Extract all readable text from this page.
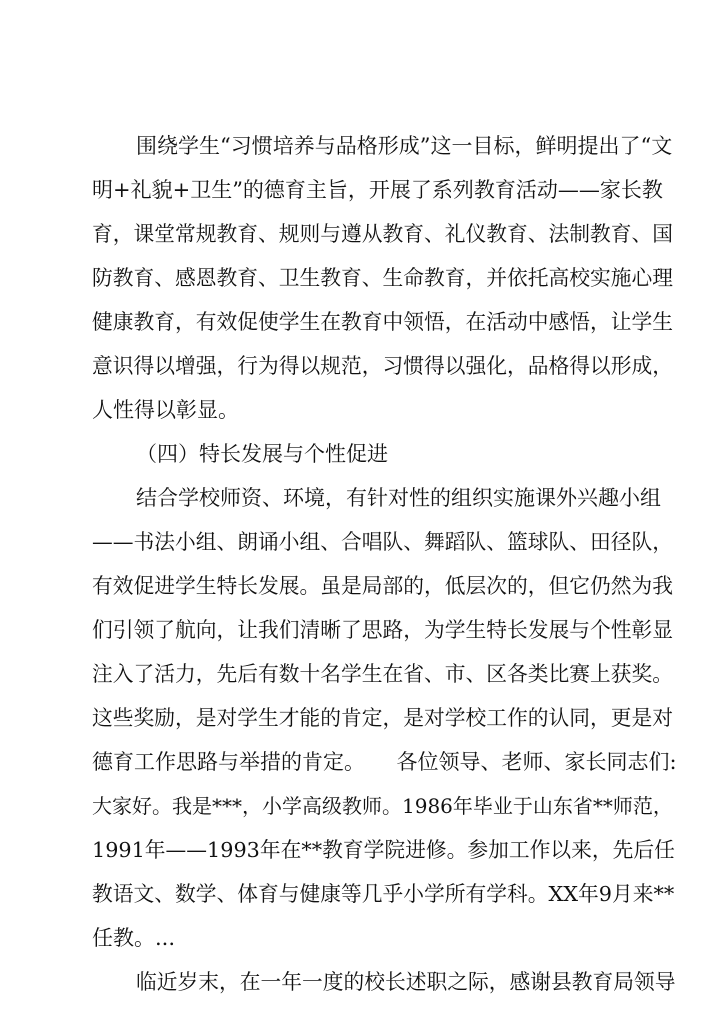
围绕学生“习惯培养与品格形成”这一目标，鲜明提出了“文
明+礼貌+卫生”的德育主旨，开展了系列教育活动——家长教
育，课堂常规教育、规则与遵从教育、礼仪教育、法制教育、国
防教育、感恩教育、卫生教育、生命教育，并依托高校实施心理
健康教育，有效促使学生在教育中领悟，在活动中感悟，让学生
意识得以增强，行为得以规范，习惯得以强化，品格得以形成，
人性得以彰显。
（四）特长发展与个性促进
结合学校师资、环境，有针对性的组织实施课外兴趣小组
——书法小组、朗诵小组、合唱队、舞蹈队、篮球队、田径队，
有效促进学生特长发展。虽是局部的，低层次的，但它仍然为我
们引领了航向，让我们清晰了思路，为学生特长发展与个性彰显
注入了活力，先后有数十名学生在省、市、区各类比赛上获奖。
这些奖励，是对学生才能的肯定，是对学校工作的认同，更是对
德育工作思路与举措的肯定。　　各位领导、老师、家长同志们:
大家好。我是***，小学高级教师。1986年毕业于山东省**师范，
1991年——1993年在**教育学院进修。参加工作以来，先后任
教语文、数学、体育与健康等几乎小学所有学科。XX年9月来**
任教。...
临近岁末，在一年一度的校长述职之际，感谢县教育局领导
